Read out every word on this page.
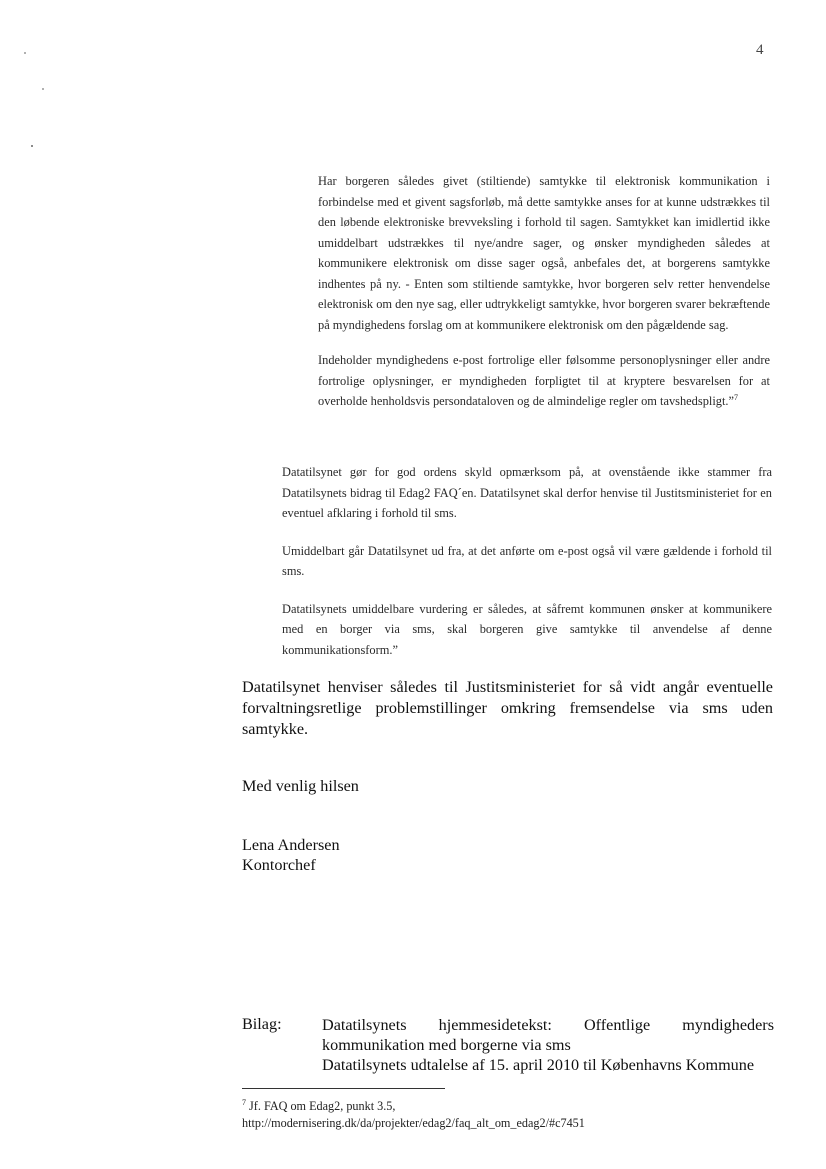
4

Har borgeren således givet (stiltiende) samtykke til elektronisk kommunikation i forbindelse med et givent sagsforløb, må dette samtykke anses for at kunne udstrækkes til den løbende elektroniske brevveksling i forhold til sagen. Samtykket kan imidlertid ikke umiddelbart udstrækkes til nye/andre sager, og ønsker myndigheden således at kommunikere elektronisk om disse sager også, anbefales det, at borgerens samtykke indhentes på ny. - Enten som stiltiende samtykke, hvor borgeren selv retter henvendelse elektronisk om den nye sag, eller udtrykkeligt samtykke, hvor borgeren svarer bekræftende på myndighedens forslag om at kommunikere elektronisk om den pågældende sag.

Indeholder myndighedens e-post fortrolige eller følsomme personoplysninger eller andre fortrolige oplysninger, er myndigheden forpligtet til at kryptere besvarelsen for at overholde henholdsvis persondataloven og de almindelige regler om tavshedspligt.”$^7$

Datatilsynet gør for god ordens skyld opmærksom på, at ovenstående ikke stammer fra Datatilsynets bidrag til Edag2 FAQ´en. Datatilsynet skal derfor henvise til Justitsministeriet for en eventuel afklaring i forhold til sms.

Umiddelbart går Datatilsynet ud fra, at det anførte om e-post også vil være gældende i forhold til sms.

Datatilsynets umiddelbare vurdering er således, at såfremt kommunen ønsker at kommunikere med en borger via sms, skal borgeren give samtykke til anvendelse af denne kommunikationsform.”

Datatilsynet henviser således til Justitsministeriet for så vidt angår eventuelle forvaltningsretlige problemstillinger omkring fremsendelse via sms uden samtykke.
Med venlig hilsen
Lena Andersen
Kontorchef
Bilag: Datatilsynets hjemmesidetekst: Offentlige myndigheders kommunikation med borgerne via sms
Datatilsynets udtalelse af 15. april 2010 til Københavns Kommune
$^7$ Jf. FAQ om Edag2, punkt 3.5,
http://modernisering.dk/da/projekter/edag2/faq_alt_om_edag2/#c7451
